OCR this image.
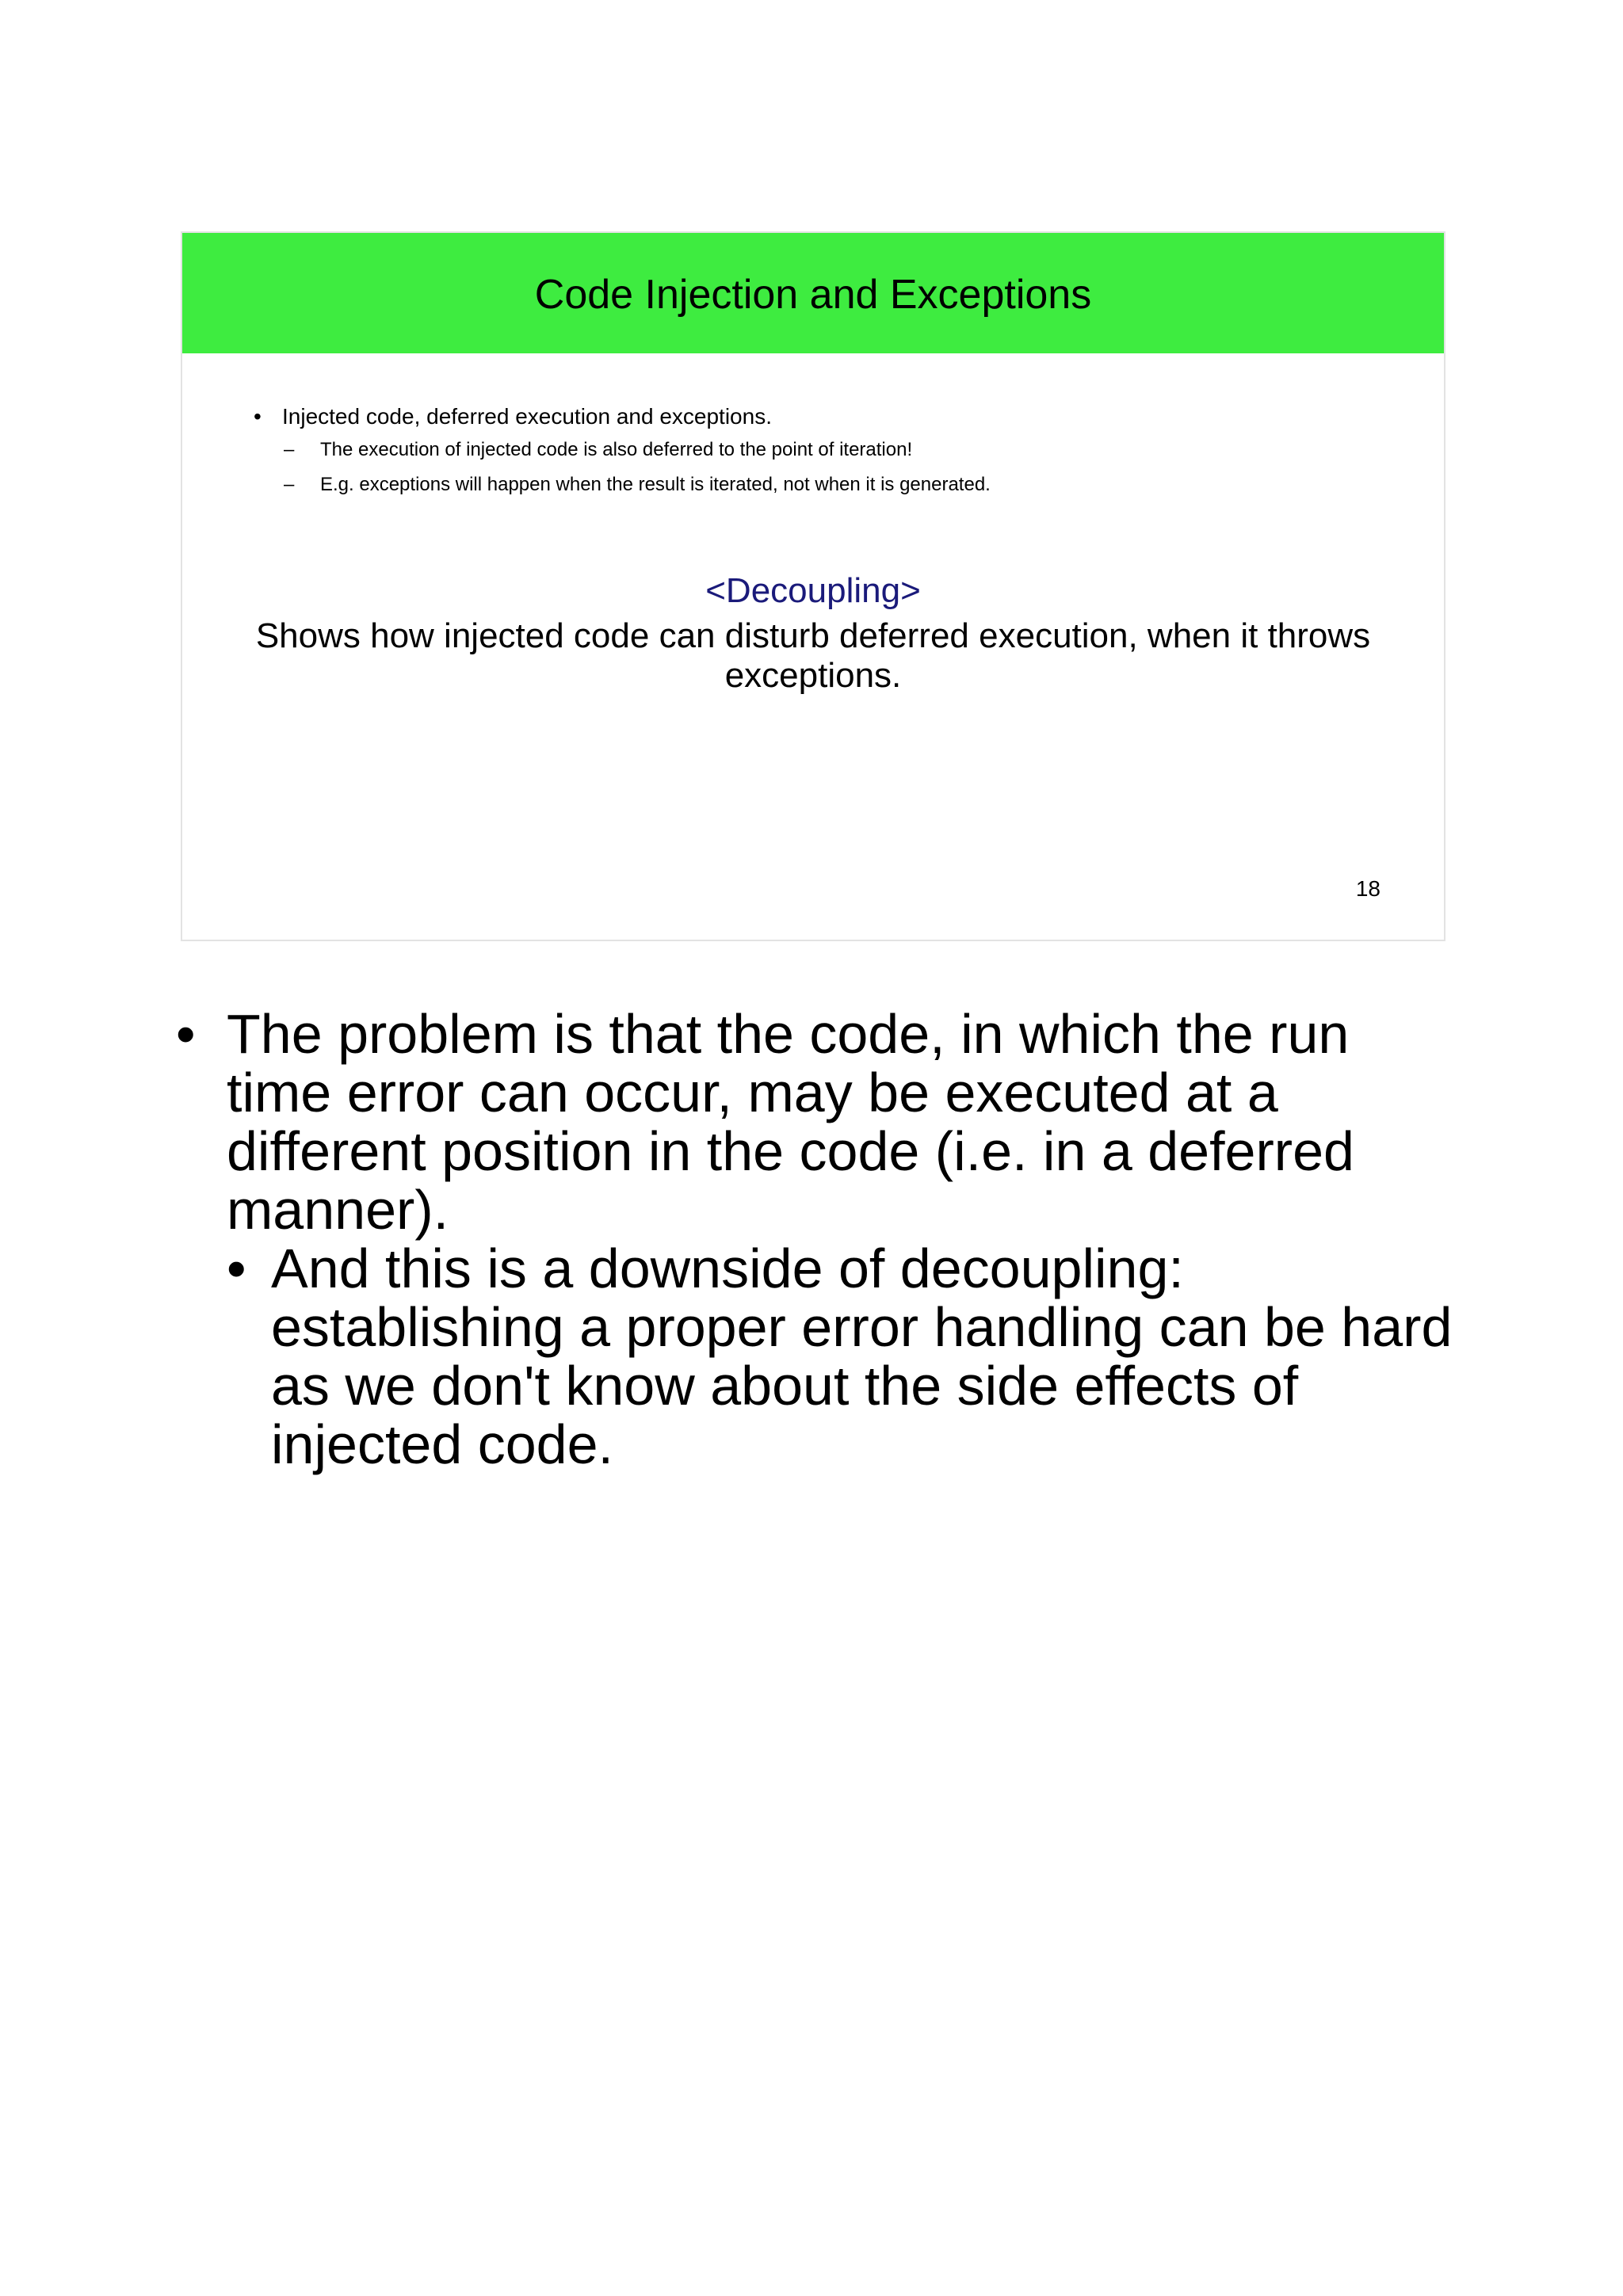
Code Injection and Exceptions
• Injected code, deferred execution and exceptions.
– The execution of injected code is also deferred to the point of iteration!
– E.g. exceptions will happen when the result is iterated, not when it is generated.
<Decoupling>
Shows how injected code can disturb deferred execution, when it throws exceptions.
18
• The problem is that the code, in which the run time error can occur, may be executed at a different position in the code (i.e. in a deferred manner).
• And this is a downside of decoupling: establishing a proper error handling can be hard as we don't know about the side effects of injected code.
